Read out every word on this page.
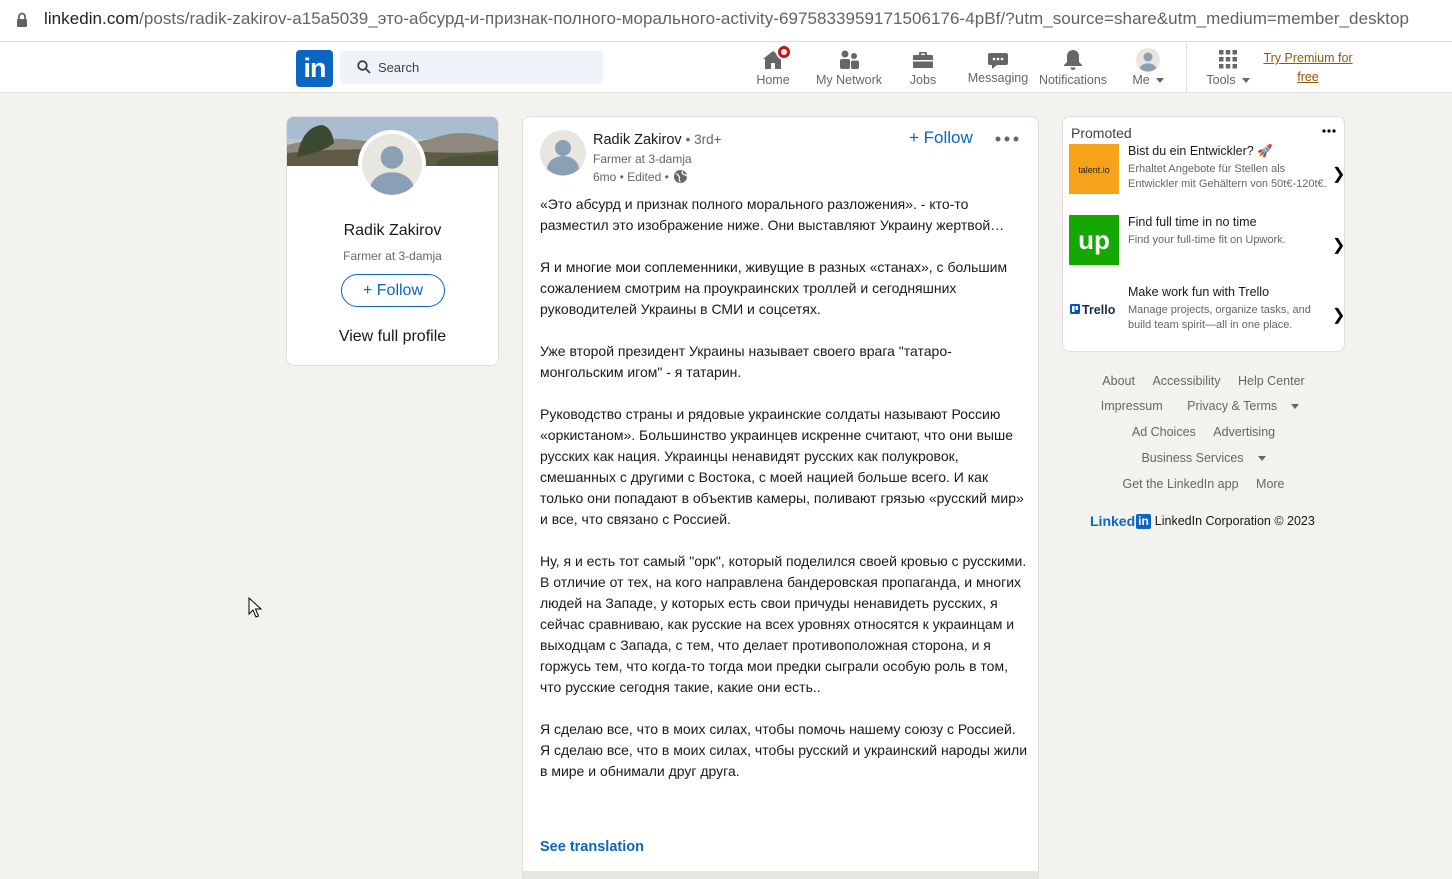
linkedin.com/posts/radik-zakirov-a15a5039_это-абсурд-и-признак-полного-морального-activity-6975833959171506176-4pBf/?utm_source=share&utm_medium=member_desktop
in	Search
Home	My Network	Jobs	Messaging Notifications	Me	Tools
Try Premium for
free
Radik Zakirov
Farmer at 3-damja
+ Follow
View full profile
Radik Zakirov • 3rd+
Farmer at 3-damja
6mo • Edited •
+ Follow

«Это абсурд и признак полного морального разложения». - кто-то разместил это изображение ниже. Они выставляют Украину жертвой…

Я и многие мои соплеменники, живущие в разных «станах», с большим сожалением смотрим на проукраинских троллей и сегодняшних руководителей Украины в СМИ и соцсетях.

Уже второй президент Украины называет своего врага "татаро-монгольским игом" - я татарин.

Руководство страны и рядовые украинские солдаты называют Россию «оркистаном». Большинство украинцев искренне считают, что они выше русских как нация. Украинцы ненавидят русских как полукровок, смешанных с другими с Востока, с моей нацией больше всего. И как только они попадают в объектив камеры, поливают грязью «русский мир» и все, что связано с Россией.

Ну, я и есть тот самый "орк", который поделился своей кровью с русскими. В отличие от тех, на кого направлена бандеровская пропаганда, и многих людей на Западе, у которых есть свои причуды ненавидеть русских, я сейчас сравниваю, как русские на всех уровнях относятся к украинцам и выходцам с Запада, с тем, что делает противоположная сторона, и я горжусь тем, что когда-то тогда мои предки сыграли особую роль в том, что русские сегодня такие, какие они есть..

Я сделаю все, что в моих силах, чтобы помочь нашему союзу с Россией. Я сделаю все, что в моих силах, чтобы русский и украинский народы жили в мире и обнимали друг друга.

See translation
Promoted
talent.io
Bist du ein Entwickler? 🚀
Erhaltet Angebote für Stellen als Entwickler mit Gehältern von 50t€-120t€.
❯
up
Find full time in no time
Find your full-time fit on Upwork.	❯
Trello
Make work fun with Trello
Manage projects, organize tasks, and build team spirit—all in one place.
❯
About Accessibility Help Center
Impressum Privacy & Terms
Ad Choices Advertising
Business Services
Get the LinkedIn app More
Linked in LinkedIn Corporation © 2023
